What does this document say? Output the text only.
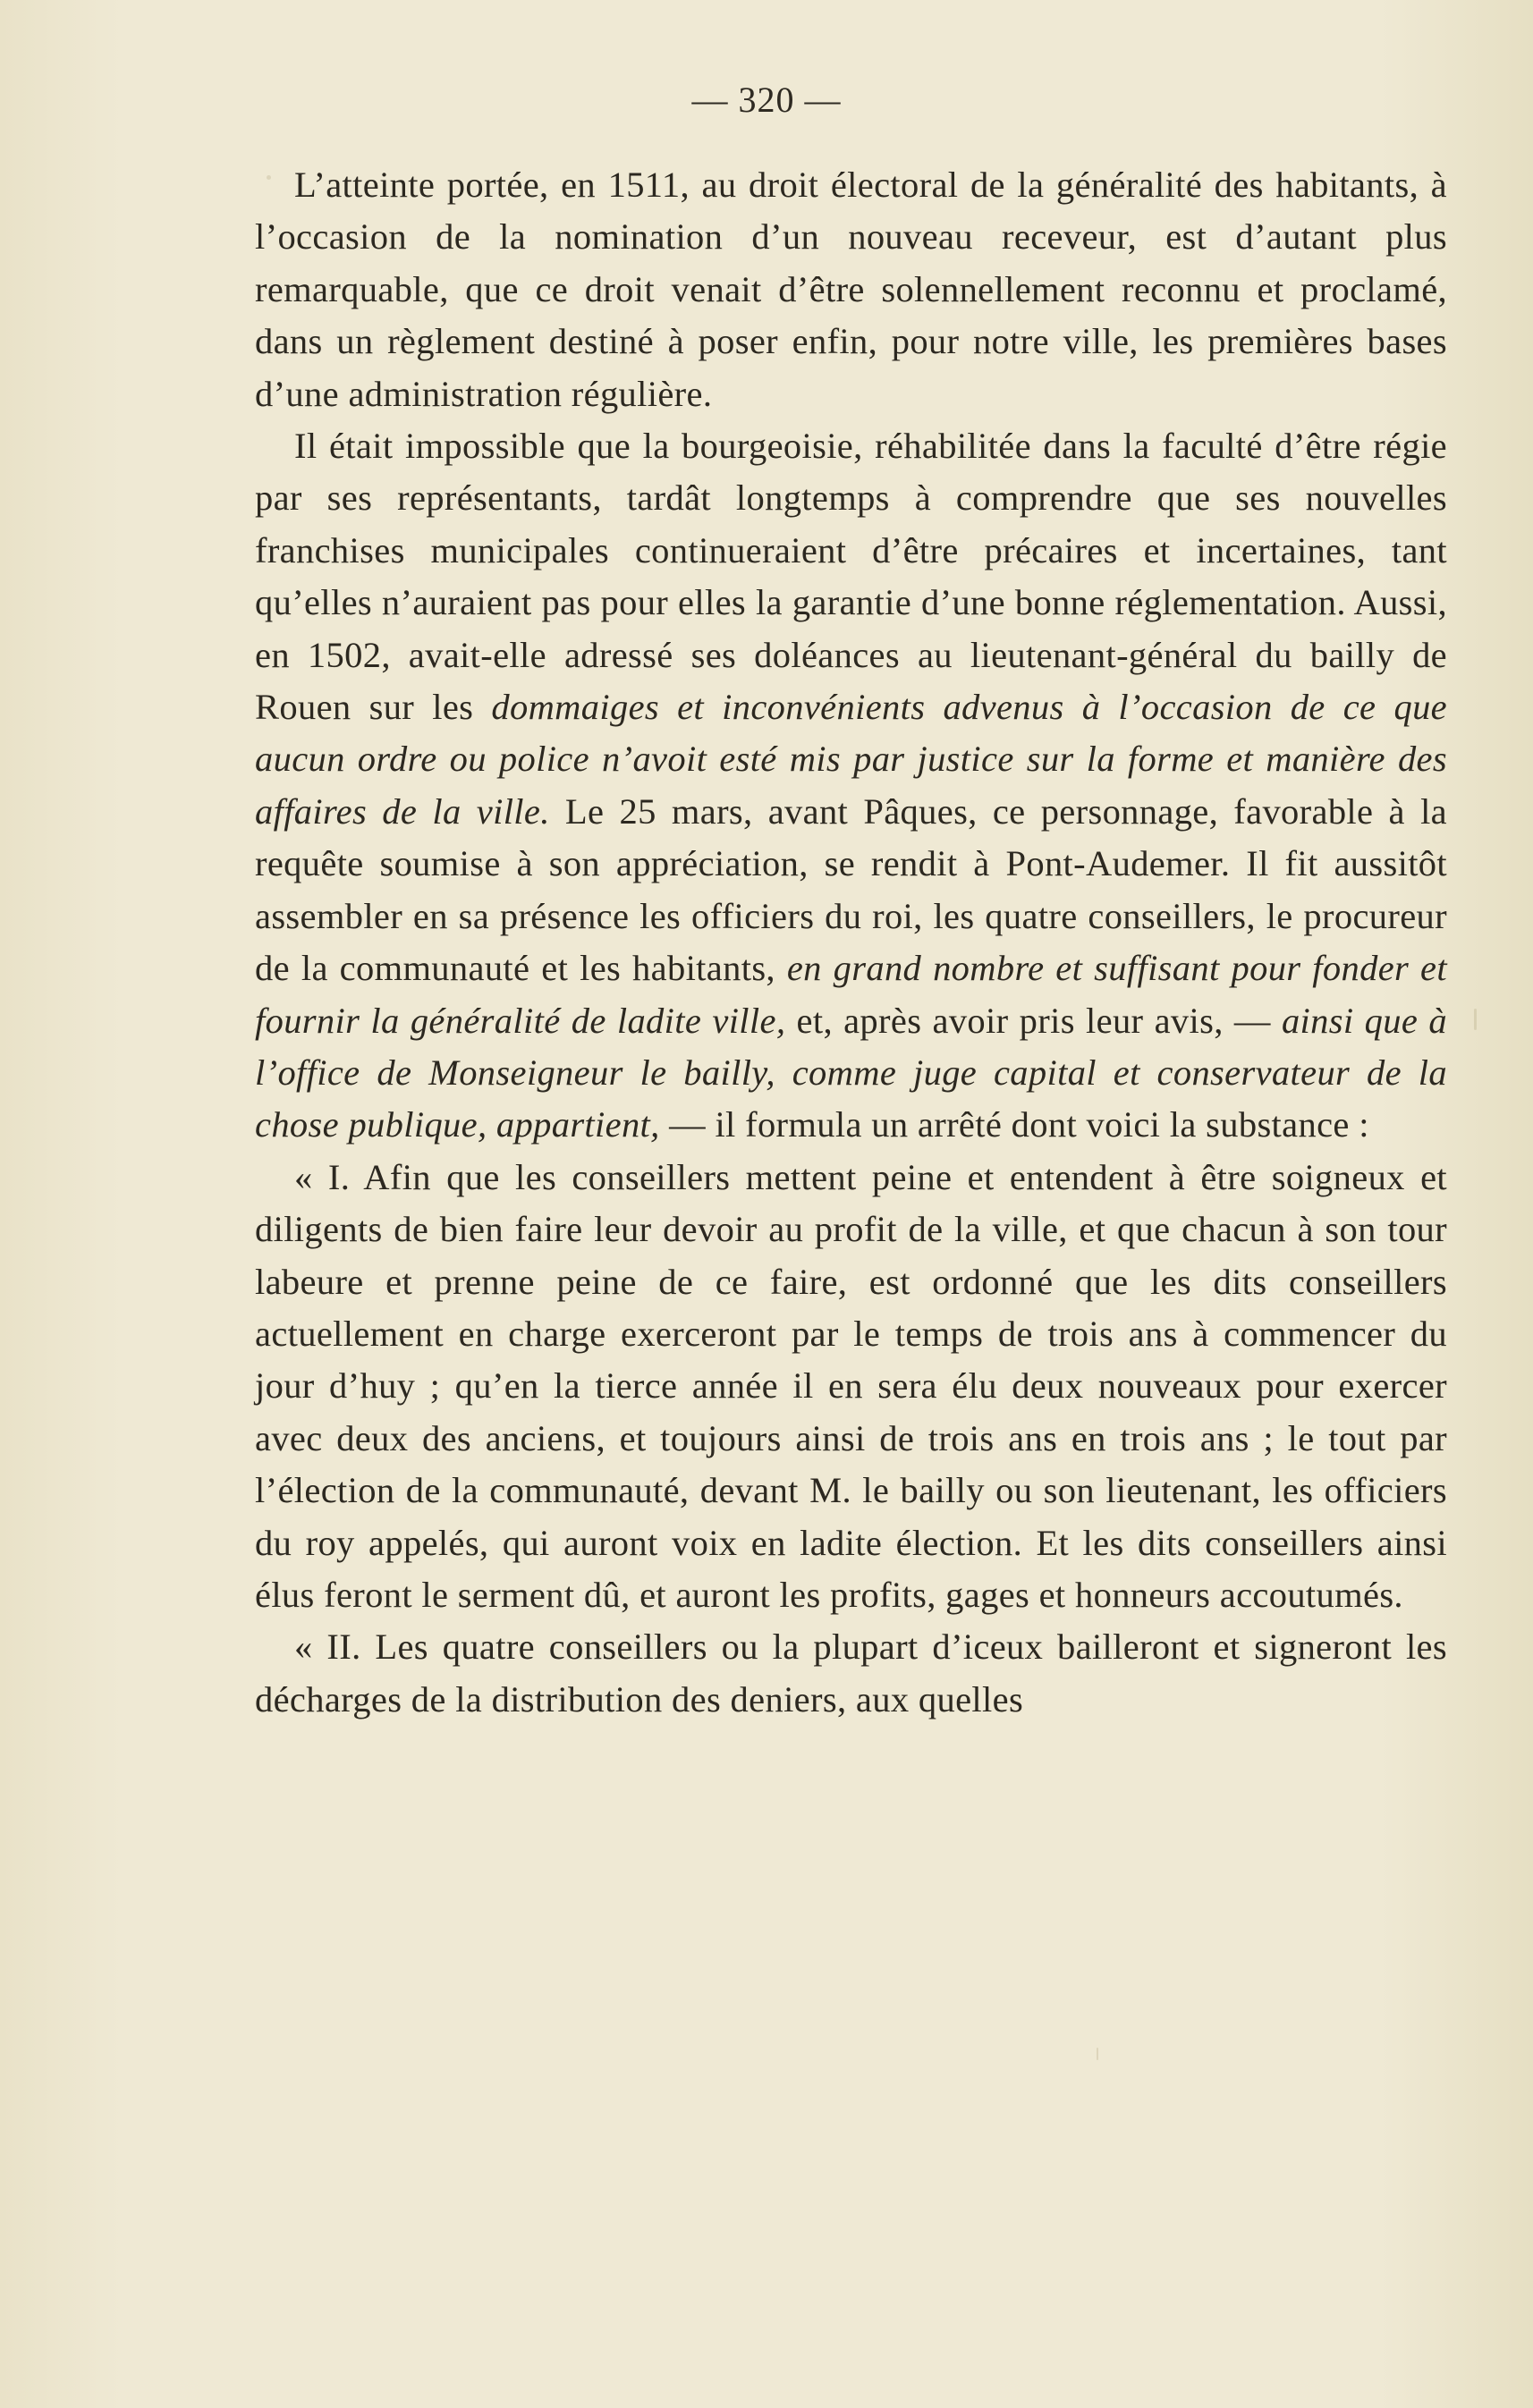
— 320 —

L’atteinte portée, en 1511, au droit électoral de la généralité des habitants, à l’occasion de la nomination d’un nouveau receveur, est d’autant plus remarquable, que ce droit venait d’être solennellement reconnu et proclamé, dans un règlement destiné à poser enfin, pour notre ville, les premières bases d’une administration régulière.

Il était impossible que la bourgeoisie, réhabilitée dans la faculté d’être régie par ses représentants, tardât longtemps à comprendre que ses nouvelles franchises municipales continueraient d’être précaires et incertaines, tant qu’elles n’auraient pas pour elles la garantie d’une bonne réglementation. Aussi, en 1502, avait-elle adressé ses doléances au lieutenant-général du bailly de Rouen sur les dommaiges et inconvénients advenus à l’occasion de ce que aucun ordre ou police n’avoit esté mis par justice sur la forme et manière des affaires de la ville. Le 25 mars, avant Pâques, ce personnage, favorable à la requête soumise à son appréciation, se rendit à Pont-Audemer. Il fit aussitôt assembler en sa présence les officiers du roi, les quatre conseillers, le procureur de la communauté et les habitants, en grand nombre et suffisant pour fonder et fournir la généralité de ladite ville, et, après avoir pris leur avis, — ainsi que à l’office de Monseigneur le bailly, comme juge capital et conservateur de la chose publique, appartient, — il formula un arrêté dont voici la substance :

« I. Afin que les conseillers mettent peine et entendent à être soigneux et diligents de bien faire leur devoir au profit de la ville, et que chacun à son tour labeure et prenne peine de ce faire, est ordonné que les dits conseillers actuellement en charge exerceront par le temps de trois ans à commencer du jour d’huy ; qu’en la tierce année il en sera élu deux nouveaux pour exercer avec deux des anciens, et toujours ainsi de trois ans en trois ans ; le tout par l’élection de la communauté, devant M. le bailly ou son lieutenant, les officiers du roy appelés, qui auront voix en ladite élection. Et les dits conseillers ainsi élus feront le serment dû, et auront les profits, gages et honneurs accoutumés.

« II. Les quatre conseillers ou la plupart d’iceux bailleront et signeront les décharges de la distribution des deniers, aux quelles
